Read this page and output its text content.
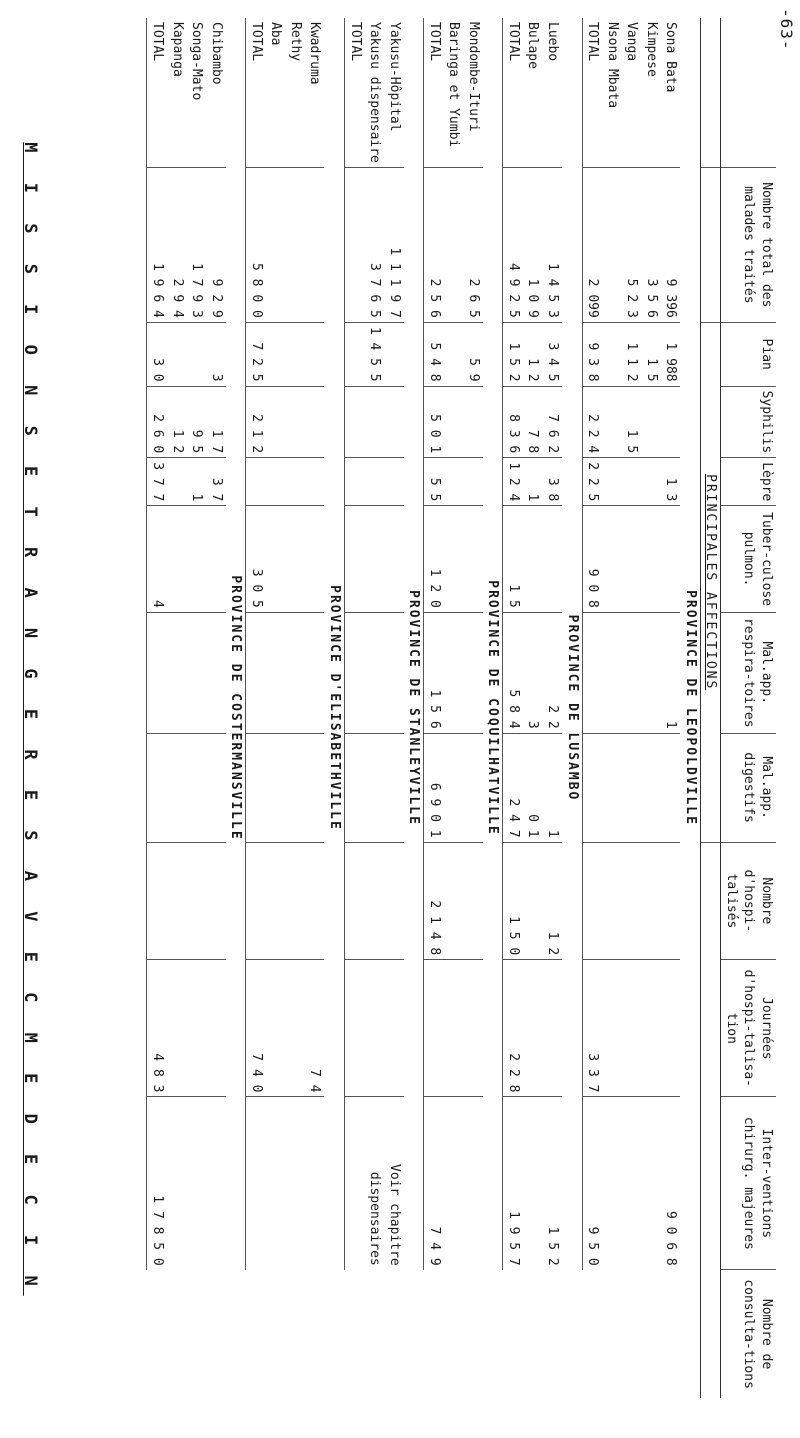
-63-
	Nombre total des malades traités	Pian	Syphilis	Lèpre	Tuber-culose pulmon.	Mal.app. respira-toires	Mal.app. digestifs	Nombre d'hospi-talisés	Journées d'hospi-talisa-tion	Inter-ventions chirurg. majeures	Nombre de consulta-tions
		PRINCIPALES AFFECTIONS									
PROVINCE DE LEOPOLDVILLE											
Sona Bata	9 396	1 988		1 3		1				9 0 6 8	
Kimpese	3 5 6	1 5									
Vanga	5 2 3	1 1 2	1 5								
Nsona Mbata											
TOTAL	2 099	9 3 8	2 2 4	2 2 5	9 0 8				3 3 7	9 5 0	
PROVINCE DE LUSAMBO											
Luebo	1 4 5 3	3 4 5	7 6 2	3 8		2 2	1	1 2		1 5 2	
Bulape	1 0 9	1 2	7 8	1		3	0 1				
TOTAL	4 9 2 5	1 5 2	8 3 6	1 2 4	1 5	5 8 4	2 4 7	1 5 0	2 2 8	1 9 5 7	
PROVINCE DE COQUILHATVILLE											
Mondombe-Ituri	2 6 5	5 9									
Baringa et Yumbi											
TOTAL	2 5 6	5 4 8	5 0 1	5 5	1 2 0	1 5 6	6 9 0 1	2 1 4 8		7 4 9	
PROVINCE DE STANLEYVILLE											
Yakusu-Hôpital	1 1 1 9 7									Voir chapitre	
Yakusu dispensaire	3 7 6 5	1 4 5 5								dispensaires	
TOTAL											
PROVINCE D'ELISABETHVILLE											
Kwadruma									7 4		
Rethy											
Aba											
TOTAL	5 8 0 0	7 2 5	2 1 2		3 0 5				7 4 0		
PROVINCE DE COSTERMANSVILLE											
Chibambo	9 2 9	3	1 7	3 7							
Songa-Mato	1 7 9 3		9 5	1							
Kapanga	2 9 4		1 2								
TOTAL	1 9 6 4	3 0	2 6 0	3 7 7	4				4 8 3	1 7 8 5 0	
M I S S I O N S E T R A N G E R E S A V E C M E D E C I N
